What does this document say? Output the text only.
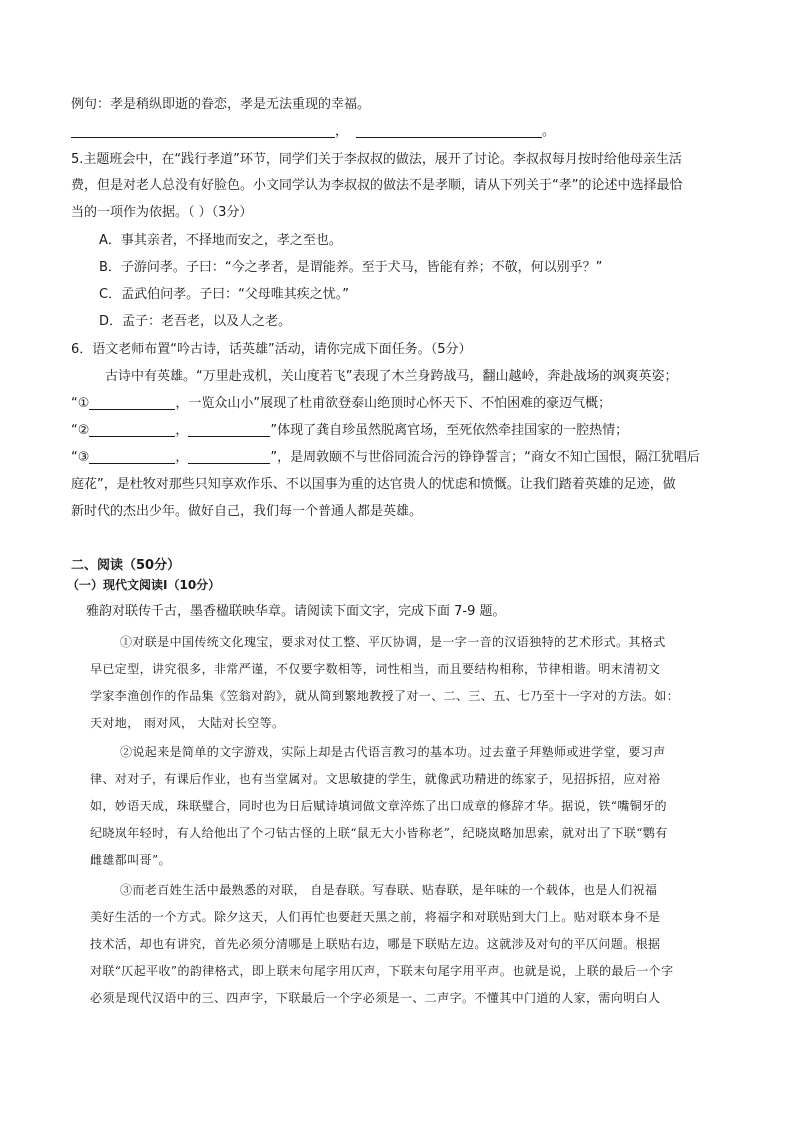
例句：孝是稍纵即逝的眷恋，孝是无法重现的幸福。
，	。
5.主题班会中，在“践行孝道”环节，同学们关于李叔叔的做法，展开了讨论。李叔叔每月按时给他母亲生活
费，但是对老人总没有好脸色。小文同学认为李叔叔的做法不是孝顺，请从下列关于“孝”的论述中选择最恰
当的一项作为依据。（ ）（3分）
A．事其亲者，不择地而安之，孝之至也。
B．子游问孝。子曰：“今之孝者，是谓能养。至于犬马，皆能有养；不敬，何以别乎？”
C．孟武伯问孝。子曰：“父母唯其疾之忧。”
D．孟子：老吾老，以及人之老。
6．语文老师布置“吟古诗，话英雄”活动，请你完成下面任务。（5分）
古诗中有英雄。“万里赴戎机，关山度若飞”表现了木兰身跨战马，翻山越岭，奔赴战场的飒爽英姿；
“①	，一览众山小”展现了杜甫欲登泰山绝顶时心怀天下、不怕困难的豪迈气概；
“②	，	”体现了龚自珍虽然脱离官场，至死依然牵挂国家的一腔热情；
“③	，	”，是周敦颐不与世俗同流合污的铮铮誓言；“商女不知亡国恨，隔江犹唱后
庭花”，是杜牧对那些只知享欢作乐、不以国事为重的达官贵人的忧虑和愤慨。让我们踏着英雄的足迹，做
新时代的杰出少年。做好自己，我们每一个普通人都是英雄。
二、阅读（50分）
（一）现代文阅读Ⅰ（10分）
雅韵对联传千古，墨香楹联映华章。请阅读下面文字，完成下面 7-9 题。
①对联是中国传统文化瑰宝，要求对仗工整、平仄协调，是一字一音的汉语独特的艺术形式。其格式
早已定型，讲究很多，非常严谨，不仅要字数相等，词性相当，而且要结构相称，节律相谐。明末清初文
学家李渔创作的作品集《笠翁对韵》，就从简到繁地教授了对一、二、三、五、七乃至十一字对的方法。如：
天对地， 雨对风， 大陆对长空等。
②说起来是简单的文字游戏，实际上却是古代语言教习的基本功。过去童子拜塾师或进学堂，要习声
律、对对子，有课后作业，也有当堂属对。文思敏捷的学生，就像武功精进的练家子，见招拆招，应对裕
如，妙语天成，珠联璧合，同时也为日后赋诗填词做文章淬炼了出口成章的修辞才华。据说，铁“嘴铜牙的
纪晓岚年轻时，有人给他出了个刁钻古怪的上联“鼠无大小皆称老”，纪晓岚略加思索，就对出了下联“鹦有
雌雄都叫哥”。
③而老百姓生活中最熟悉的对联， 自是春联。写春联、贴春联，是年味的一个载体，也是人们祝福
美好生活的一个方式。除夕这天，人们再忙也要赶天黑之前，将福字和对联贴到大门上。贴对联本身不是
技术活，却也有讲究，首先必须分清哪是上联贴右边，哪是下联贴左边。这就涉及对句的平仄问题。根据
对联“仄起平收”的韵律格式，即上联末句尾字用仄声，下联末句尾字用平声。也就是说，上联的最后一个字
必须是现代汉语中的三、四声字，下联最后一个字必须是一、二声字。不懂其中门道的人家，需向明白人
